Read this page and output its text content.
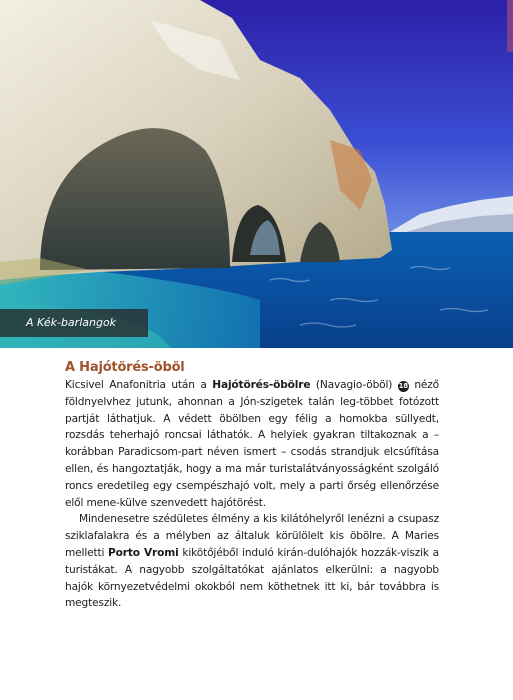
A Kék-barlangok
A Hajótörés-öböl

Kicsivel Anafonitria után a Hajótörés-öbölre (Navagio-öböl) 18 néző földnyelvhez jutunk, ahonnan a Jón-szigetek talán leg-többet fotózott partját láthatjuk. A védett öbölben egy félig a homokba süllyedt, rozsdás teherhajó roncsai láthatók. A helyiek gyakran tiltakoznak a – korábban Paradicsom-part néven ismert – csodás strandjuk elcsúfítása ellen, és hangoztatják, hogy a ma már turistalátványosságként szolgáló roncs eredetileg egy csempészhajó volt, mely a parti őrség ellenőrzése elől mene-külve szenvedett hajótörést.

Mindenesetre szédületes élmény a kis kilátóhelyről lenézni a csupasz sziklafalakra és a mélyben az általuk körülölelt kis öbölre. A Maries melletti Porto Vromi kikötőjéből induló kirán-dulóhajók hozzák-viszik a turistákat. A nagyobb szolgáltatókat ajánlatos elkerülni: a nagyobb hajók környezetvédelmi okokból nem köthetnek itt ki, bár továbbra is megteszik.
